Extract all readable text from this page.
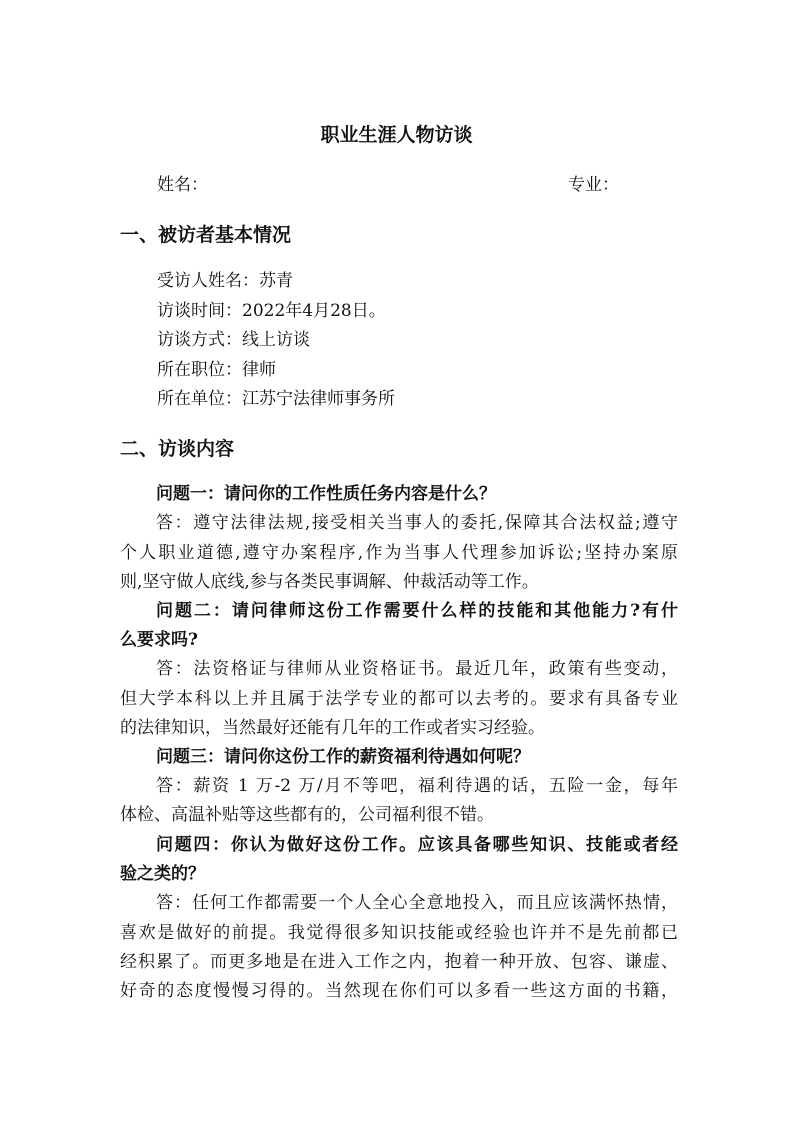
职业生涯人物访谈
姓名：	专业：
一、被访者基本情况
受访人姓名：苏青
访谈时间：2022年4月28日。
访谈方式：线上访谈
所在职位：律师
所在单位：江苏宁法律师事务所
二、访谈内容
问题一：请问你的工作性质任务内容是什么？
答：遵守法律法规,接受相关当事人的委托,保障其合法权益;遵守
个人职业道德,遵守办案程序,作为当事人代理参加诉讼;坚持办案原
则,坚守做人底线,参与各类民事调解、仲裁活动等工作。
问题二：请问律师这份工作需要什么样的技能和其他能力?有什
么要求吗?
答：法资格证与律师从业资格证书。最近几年，政策有些变动，
但大学本科以上并且属于法学专业的都可以去考的。要求有具备专业
的法律知识，当然最好还能有几年的工作或者实习经验。
问题三：请问你这份工作的薪资福利待遇如何呢？
答：薪资 1 万-2 万/月不等吧，福利待遇的话，五险一金，每年
体检、高温补贴等这些都有的，公司福利很不错。
问题四：你认为做好这份工作。应该具备哪些知识、技能或者经
验之类的？
答：任何工作都需要一个人全心全意地投入，而且应该满怀热情，
喜欢是做好的前提。我觉得很多知识技能或经验也许并不是先前都已
经积累了。而更多地是在进入工作之内，抱着一种开放、包容、谦虚、
好奇的态度慢慢习得的。当然现在你们可以多看一些这方面的书籍，
